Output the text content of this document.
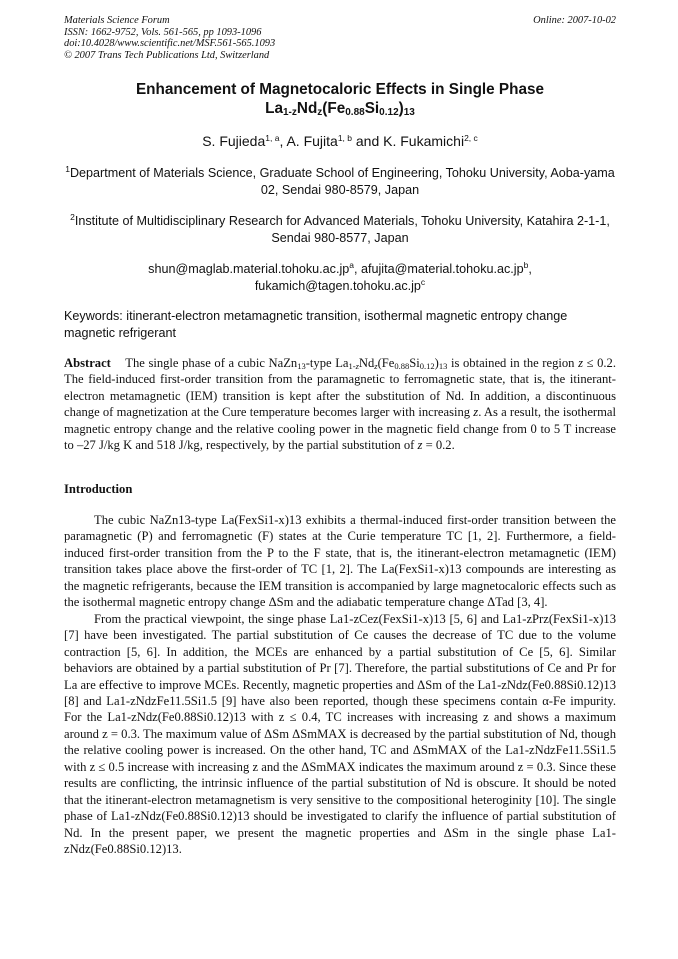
Materials Science Forum
ISSN: 1662-9752, Vols. 561-565, pp 1093-1096
doi:10.4028/www.scientific.net/MSF.561-565.1093
© 2007 Trans Tech Publications Ltd, Switzerland
Online: 2007-10-02
Enhancement of Magnetocaloric Effects in Single Phase
$La_{1-z}Nd_z(Fe_{0.88}Si_{0.12})_{13}$
S. Fujieda$^{1, a}$, A. Fujita$^{1, b}$ and K. Fukamichi$^{2, c}$
$^1$Department of Materials Science, Graduate School of Engineering, Tohoku University, Aoba-yama 02, Sendai 980-8579, Japan
$^2$Institute of Multidisciplinary Research for Advanced Materials, Tohoku University, Katahira 2-1-1, Sendai 980-8577, Japan
$shun@maglab.material.tohoku.ac.jp^a$, $afujita@material.tohoku.ac.jp^b$,
$fukamich@tagen.tohoku.ac.jp^c$
Keywords: itinerant-electron metamagnetic transition, isothermal magnetic entropy change magnetic refrigerant
Abstract The single phase of a cubic NaZn$_{13}$-type $La_{1-z}Nd_z(Fe_{0.88}Si_{0.12})_{13}$ is obtained in the region z ≤ 0.2. The field-induced first-order transition from the paramagnetic to ferromagnetic state, that is, the itinerant-electron metamagnetic (IEM) transition is kept after the substitution of Nd. In addition, a discontinuous change of magnetization at the Cure temperature becomes larger with increasing z. As a result, the isothermal magnetic entropy change and the relative cooling power in the magnetic field change from 0 to 5 T increase to –27 J/kg K and 518 J/kg, respectively, by the partial substitution of z = 0.2.
Introduction

The cubic NaZn13-type La(FexSi1-x)13 exhibits a thermal-induced first-order transition between the paramagnetic (P) and ferromagnetic (F) states at the Curie temperature TC [1, 2]. Furthermore, a field-induced first-order transition from the P to the F state, that is, the itinerant-electron metamagnetic (IEM) transition takes place above the first-order of TC [1, 2]. The La(FexSi1-x)13 compounds are interesting as the magnetic refrigerants, because the IEM transition is accompanied by large magnetocaloric effects such as the isothermal magnetic entropy change ΔSm and the adiabatic temperature change ΔTad [3, 4].

From the practical viewpoint, the singe phase La1-zCez(FexSi1-x)13 [5, 6] and La1-zPrz(FexSi1-x)13 [7] have been investigated. The partial substitution of Ce causes the decrease of TC due to the volume contraction [5, 6]. In addition, the MCEs are enhanced by a partial substitution of Ce [5, 6]. Similar behaviors are obtained by a partial substitution of Pr [7]. Therefore, the partial substitutions of Ce and Pr for La are effective to improve MCEs. Recently, magnetic properties and ΔSm of the La1-zNdz(Fe0.88Si0.12)13 [8] and La1-zNdzFe11.5Si1.5 [9] have also been reported, though these specimens contain α-Fe impurity. For the La1-zNdz(Fe0.88Si0.12)13 with z ≤ 0.4, TC increases with increasing z and shows a maximum around z = 0.3. The maximum value of ΔSm ΔSmMAX is decreased by the partial substitution of Nd, though the relative cooling power is increased. On the other hand, TC and ΔSmMAX of the La1-zNdzFe11.5Si1.5 with z ≤ 0.5 increase with increasing z and the ΔSmMAX indicates the maximum around z = 0.3. Since these results are conflicting, the intrinsic influence of the partial substitution of Nd is obscure. It should be noted that the itinerant-electron metamagnetism is very sensitive to the compositional heteroginity [10]. The single phase of La1-zNdz(Fe0.88Si0.12)13 should be investigated to clarify the influence of partial substitution of Nd. In the present paper, we present the magnetic properties and ΔSm in the single phase La1-zNdz(Fe0.88Si0.12)13.
